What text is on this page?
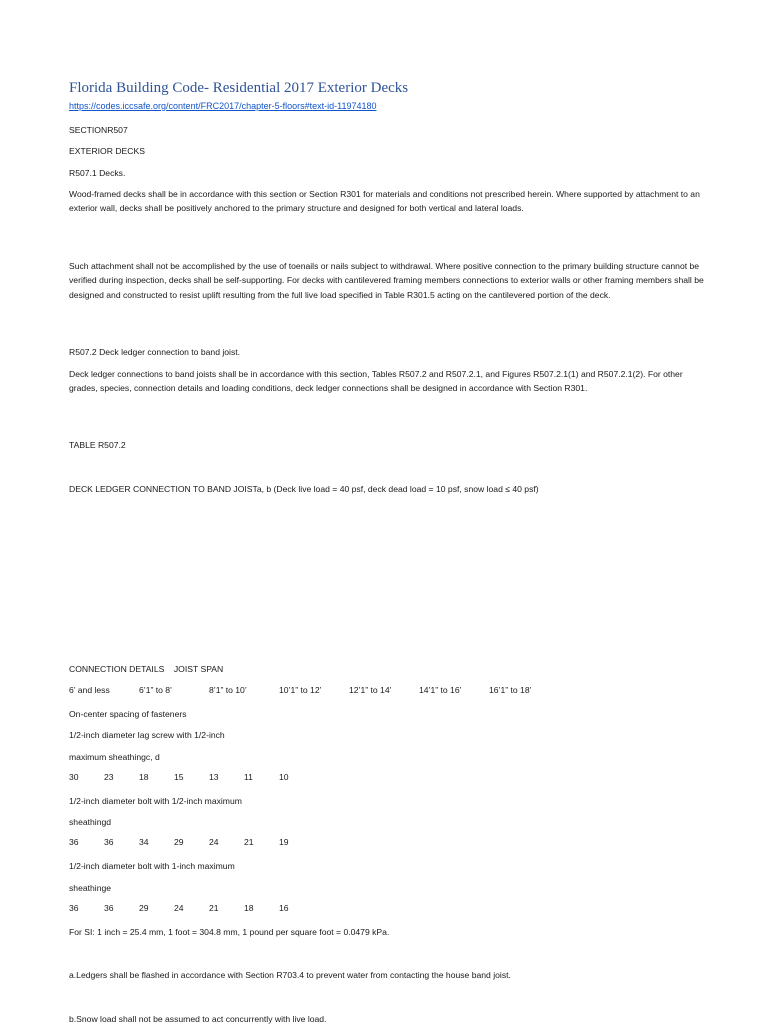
Florida Building Code- Residential 2017 Exterior Decks
https://codes.iccsafe.org/content/FRC2017/chapter-5-floors#text-id-11974180
SECTIONR507
EXTERIOR DECKS
R507.1 Decks.
Wood-framed decks shall be in accordance with this section or Section R301 for materials and conditions not prescribed herein. Where supported by attachment to an exterior wall, decks shall be positively anchored to the primary structure and designed for both vertical and lateral loads.
Such attachment shall not be accomplished by the use of toenails or nails subject to withdrawal. Where positive connection to the primary building structure cannot be verified during inspection, decks shall be self-supporting. For decks with cantilevered framing members connections to exterior walls or other framing members shall be designed and constructed to resist uplift resulting from the full live load specified in Table R301.5 acting on the cantilevered portion of the deck.
R507.2 Deck ledger connection to band joist.
Deck ledger connections to band joists shall be in accordance with this section, Tables R507.2 and R507.2.1, and Figures R507.2.1(1) and R507.2.1(2). For other grades, species, connection details and loading conditions, deck ledger connections shall be designed in accordance with Section R301.
TABLE R507.2
DECK LEDGER CONNECTION TO BAND JOISTa, b (Deck live load = 40 psf, deck dead load = 10 psf, snow load ≤ 40 psf)
CONNECTION DETAILS    JOIST SPAN
6’ and less	6’1” to 8’	8’1” to 10’	10’1” to 12’	12’1” to 14’	14’1” to 16’	16’1” to 18’
On-center spacing of fasteners
1/2-inch diameter lag screw with 1/2-inch
maximum sheathingc, d
30	23	18	15	13	11	10
1/2-inch diameter bolt with 1/2-inch maximum
sheathingd
36	36	34	29	24	21	19
1/2-inch diameter bolt with 1-inch maximum
sheathinge
36	36	29	24	21	18	16
For SI: 1 inch = 25.4 mm, 1 foot = 304.8 mm, 1 pound per square foot = 0.0479 kPa.
a.Ledgers shall be flashed in accordance with Section R703.4 to prevent water from contacting the house band joist.
b.Snow load shall not be assumed to act concurrently with live load.
